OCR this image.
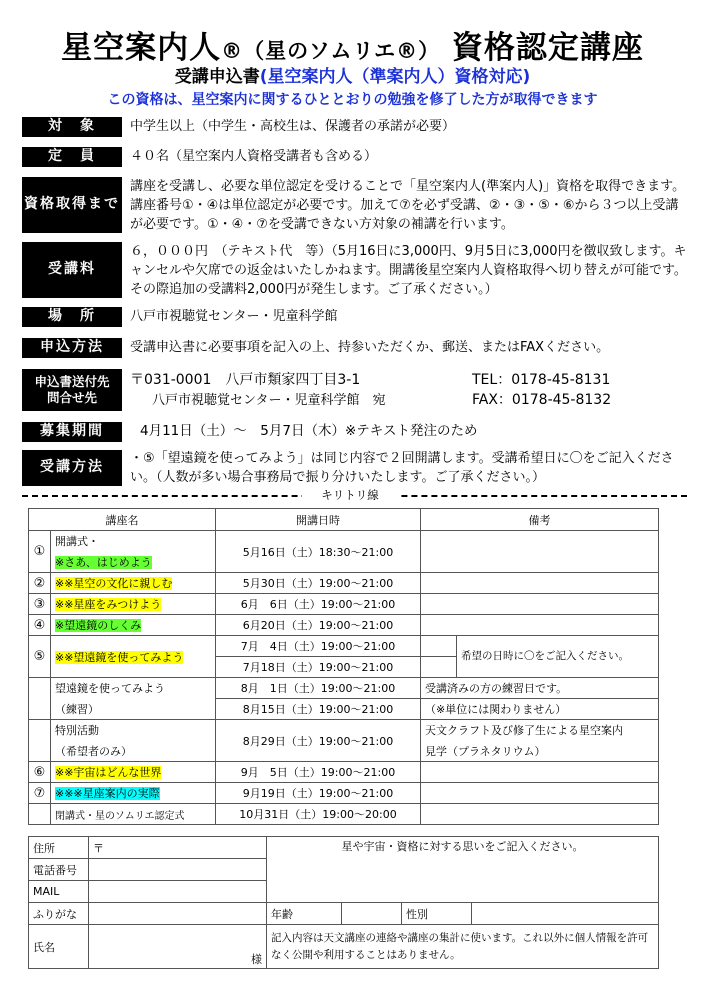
星空案内人®（星のソムリエ®） 資格認定講座
受講申込書(星空案内人（準案内人）資格対応)
この資格は、星空案内に関するひととおりの勉強を修了した方が取得できます
対　象	中学生以上（中学生・高校生は、保護者の承諾が必要）
定　員	４０名（星空案内人資格受講者も含める）
資格取得まで
講座を受講し、必要な単位認定を受けることで「星空案内人(準案内人)」資格を取得できます。講座番号①・④は単位認定が必要です。加えて⑦を必ず受講、②・③・⑤・⑥から３つ以上受講が必要です。①・④・⑦を受講できない方対象の補講を行います。
受講料
６，０００円　（テキスト代　等）（5月16日に3,000円、9月5日に3,000円を徴収致します。キャンセルや欠席での返金はいたしかねます。開講後星空案内人資格取得へ切り替えが可能です。その際追加の受講料2,000円が発生します。ご了承ください。）
場　所	八戸市視聴覚センター・児童科学館
申込方法	受講申込書に必要事項を記入の上、持参いただくか、郵送、またはFAXください。
申込書送付先
問合せ先
〒031-0001　八戸市類家四丁目3-1
八戸市視聴覚センター・児童科学館　宛
TEL：0178-45-8131
FAX：0178-45-8132
募集期間	4月11日（土）～　5月7日（木）※テキスト発注のため
受講方法
・⑤「望遠鏡を使ってみよう」は同じ内容で２回開講します。受講希望日に〇をご記入ください。（人数が多い場合事務局で振り分けいたします。ご了承ください。）
キリトリ線
講座名		開講日時	備考	
①	開講式・	5月16日（土）18:30～21:00		
	※さあ、はじめよう			
②	※※星空の文化に親しむ	5月30日（土）19:00～21:00		
③	※※星座をみつけよう	6月　6日（土）19:00～21:00		
④	※望遠鏡のしくみ	6月20日（土）19:00～21:00		
⑤	※※望遠鏡を使ってみよう	7月　4日（土）19:00～21:00		希望の日時に〇をご記入ください。
		7月18日（土）19:00～21:00		
	望遠鏡を使ってみよう	8月　1日（土）19:00～21:00	受講済みの方の練習日です。	
	（練習）	8月15日（土）19:00～21:00	（※単位には関わりません）	
	特別活動	8月29日（土）19:00～21:00	天文クラフト及び修了生による星空案内	
	（希望者のみ）		見学（プラネタリウム）	
⑥	※※宇宙はどんな世界	9月　5日（土）19:00～21:00		
⑦	※※※星座案内の実際	9月19日（土）19:00～21:00		
	閉講式・星のソムリエ認定式	10月31日（土）19:00～20:00		
住所	〒	星や宇宙・資格に対する思いをご記入ください。			
電話番号					
MAIL					
ふりがな		年齢		性別	
氏名	様	記入内容は天文講座の連絡や講座の集計に使います。これ以外に個人情報を許可なく公開や利用することはありません。			
